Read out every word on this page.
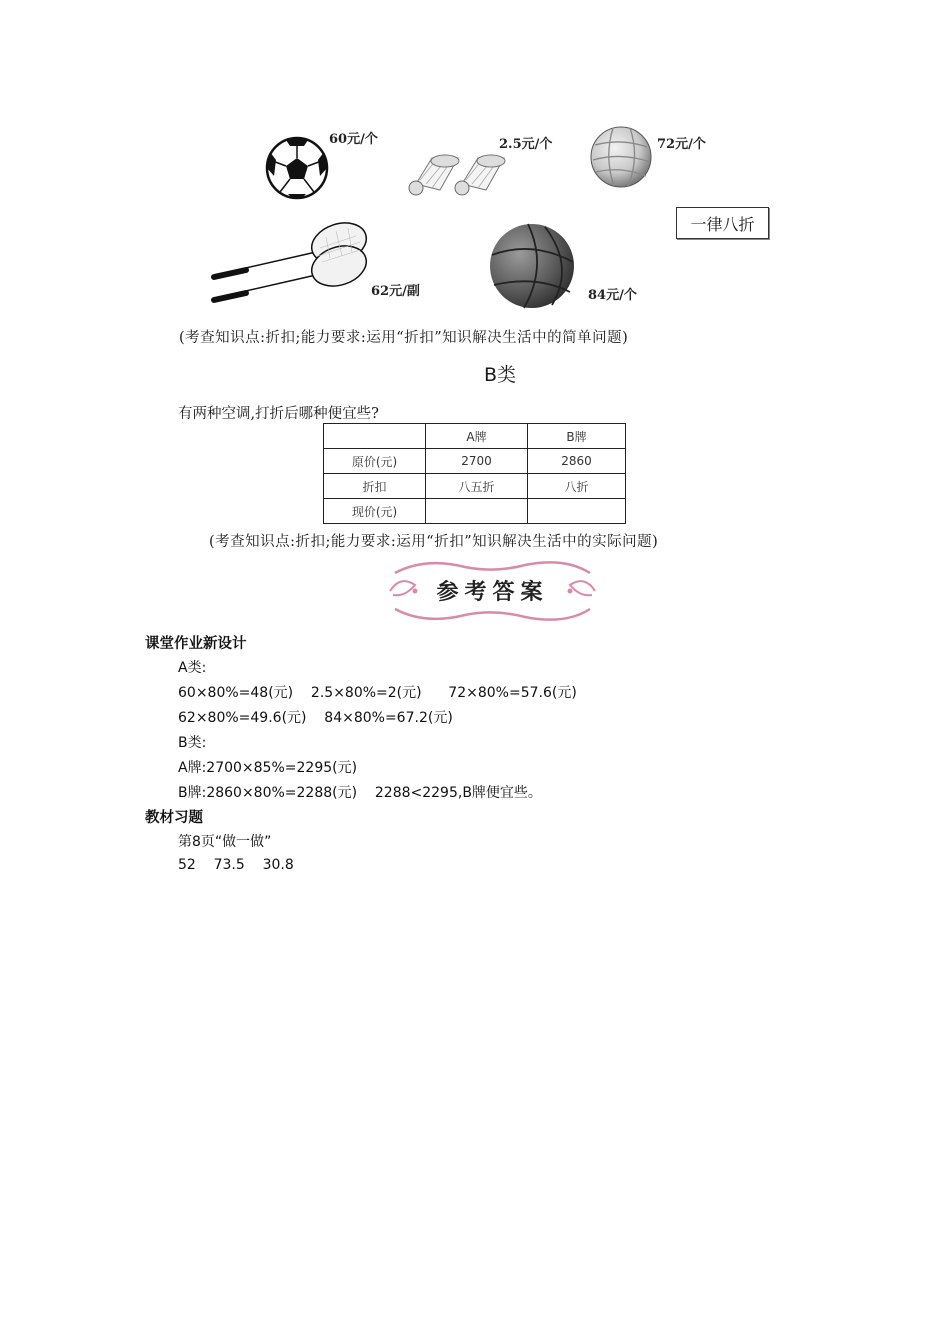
60元/个	2.5元/个	72元/个
62元/副	84元/个
一律八折
(考查知识点:折扣;能力要求:运用“折扣”知识解决生活中的简单问题)
B类
有两种空调,打折后哪种便宜些?
	A牌	B牌
原价(元)	2700	2860
折扣	八五折	八折
现价(元)		
(考查知识点:折扣;能力要求:运用“折扣”知识解决生活中的实际问题)
参考答案
课堂作业新设计
A类:
60×80%=48(元)    2.5×80%=2(元)      72×80%=57.6(元)
62×80%=49.6(元)    84×80%=67.2(元)
B类:
A牌:2700×85%=2295(元)
B牌:2860×80%=2288(元)    2288<2295,B牌便宜些。
教材习题
第8页“做一做”
52    73.5    30.8
